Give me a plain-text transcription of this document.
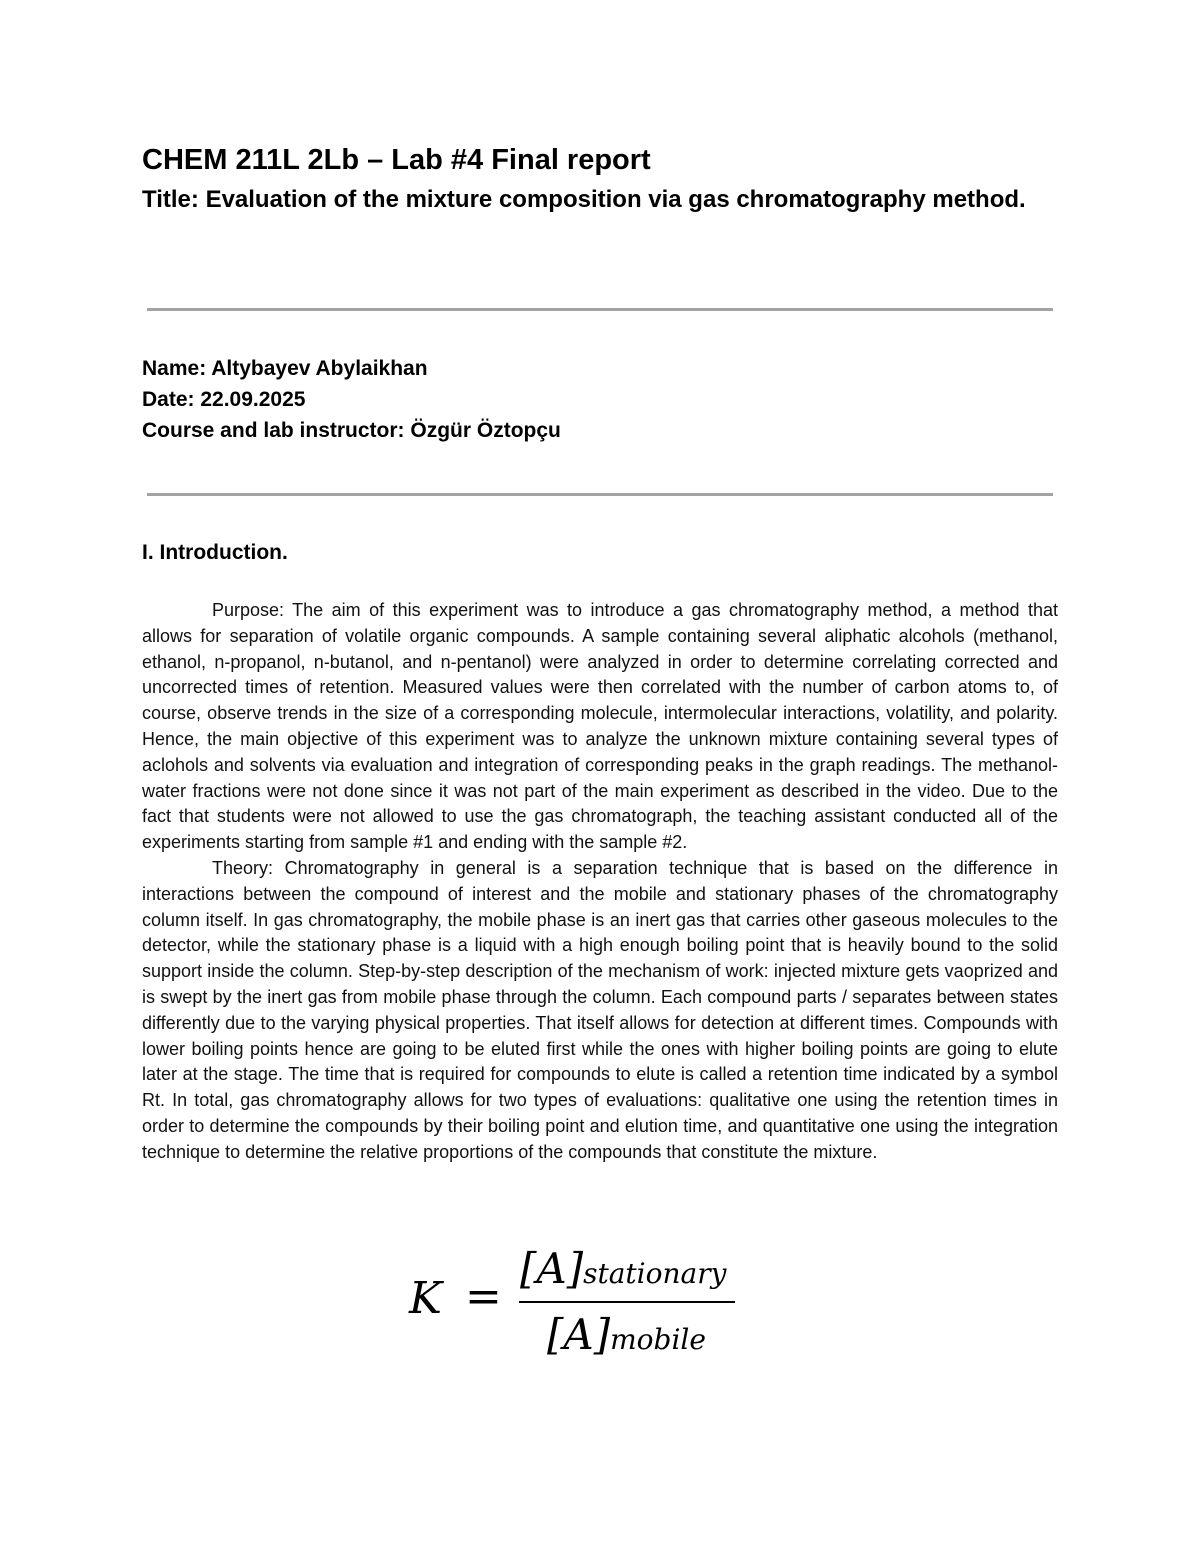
CHEM 211L 2Lb – Lab #4 Final report
Title: Evaluation of the mixture composition via gas chromatography method.
Name: Altybayev Abylaikhan
Date: 22.09.2025
Course and lab instructor: Özgür Öztopçu
I. Introduction.

Purpose: The aim of this experiment was to introduce a gas chromatography method, a method that allows for separation of volatile organic compounds. A sample containing several aliphatic alcohols (methanol, ethanol, n-propanol, n-butanol, and n-pentanol) were analyzed in order to determine correlating corrected and uncorrected times of retention. Measured values were then correlated with the number of carbon atoms to, of course, observe trends in the size of a corresponding molecule, intermolecular interactions, volatility, and polarity. Hence, the main objective of this experiment was to analyze the unknown mixture containing several types of aclohols and solvents via evaluation and integration of corresponding peaks in the graph readings. The methanol-water fractions were not done since it was not part of the main experiment as described in the video. Due to the fact that students were not allowed to use the gas chromatograph, the teaching assistant conducted all of the experiments starting from sample #1 and ending with the sample #2.

Theory: Chromatography in general is a separation technique that is based on the difference in interactions between the compound of interest and the mobile and stationary phases of the chromatography column itself. In gas chromatography, the mobile phase is an inert gas that carries other gaseous molecules to the detector, while the stationary phase is a liquid with a high enough boiling point that is heavily bound to the solid support inside the column. Step-by-step description of the mechanism of work: injected mixture gets vaoprized and is swept by the inert gas from mobile phase through the column. Each compound parts / separates between states differently due to the varying physical properties. That itself allows for detection at different times. Compounds with lower boiling points hence are going to be eluted first while the ones with higher boiling points are going to elute later at the stage. The time that is required for compounds to elute is called a retention time indicated by a symbol Rt. In total, gas chromatography allows for two types of evaluations: qualitative one using the retention times in order to determine the compounds by their boiling point and elution time, and quantitative one using the integration technique to determine the relative proportions of the compounds that constitute the mixture.

K =
[A]stationary
[A]mobile
